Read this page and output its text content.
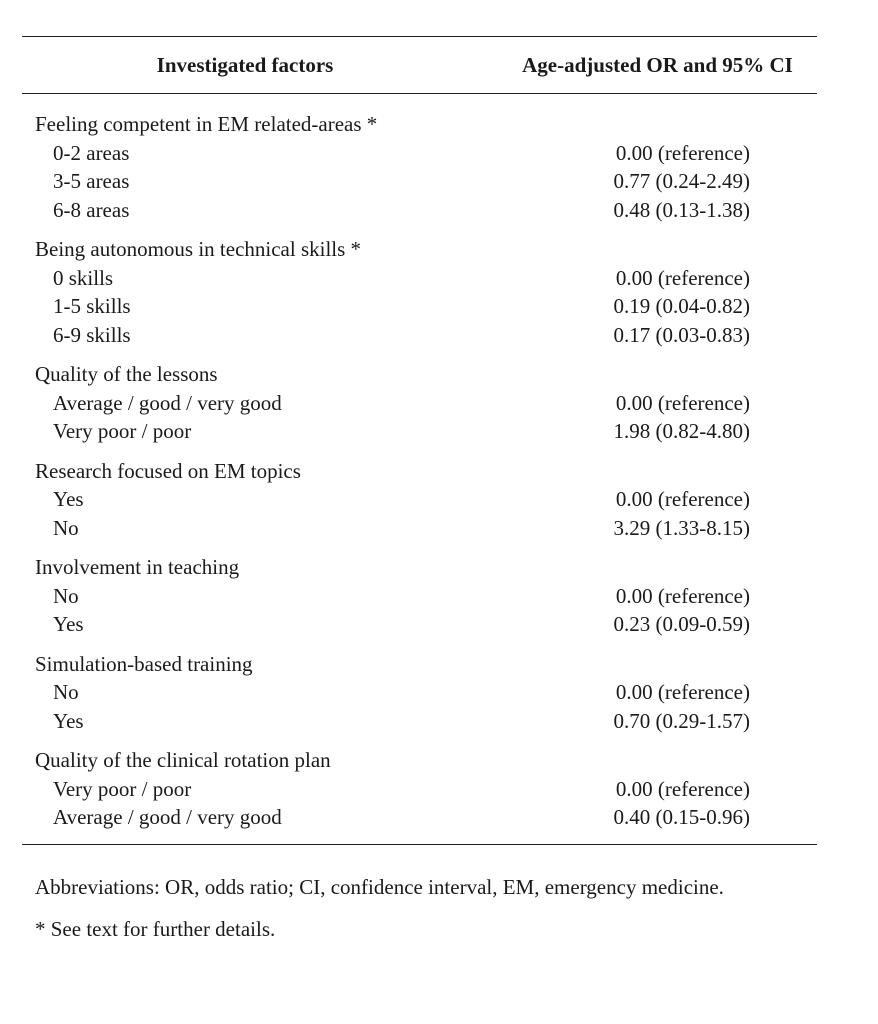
Investigated factors	Age-adjusted OR and 95% CI
Feeling competent in EM related-areas *
0-2 areas	0.00 (reference)
3-5 areas	0.77 (0.24-2.49)
6-8 areas	0.48 (0.13-1.38)
Being autonomous in technical skills *
0 skills	0.00 (reference)
1-5 skills	0.19 (0.04-0.82)
6-9 skills	0.17 (0.03-0.83)
Quality of the lessons
Average / good / very good	0.00 (reference)
Very poor / poor	1.98 (0.82-4.80)
Research focused on EM topics
Yes	0.00 (reference)
No	3.29 (1.33-8.15)
Involvement in teaching
No	0.00 (reference)
Yes	0.23 (0.09-0.59)
Simulation-based training
No	0.00 (reference)
Yes	0.70 (0.29-1.57)
Quality of the clinical rotation plan
Very poor / poor	0.00 (reference)
Average / good / very good	0.40 (0.15-0.96)

Abbreviations: OR, odds ratio; CI, confidence interval, EM, emergency medicine.

* See text for further details.
